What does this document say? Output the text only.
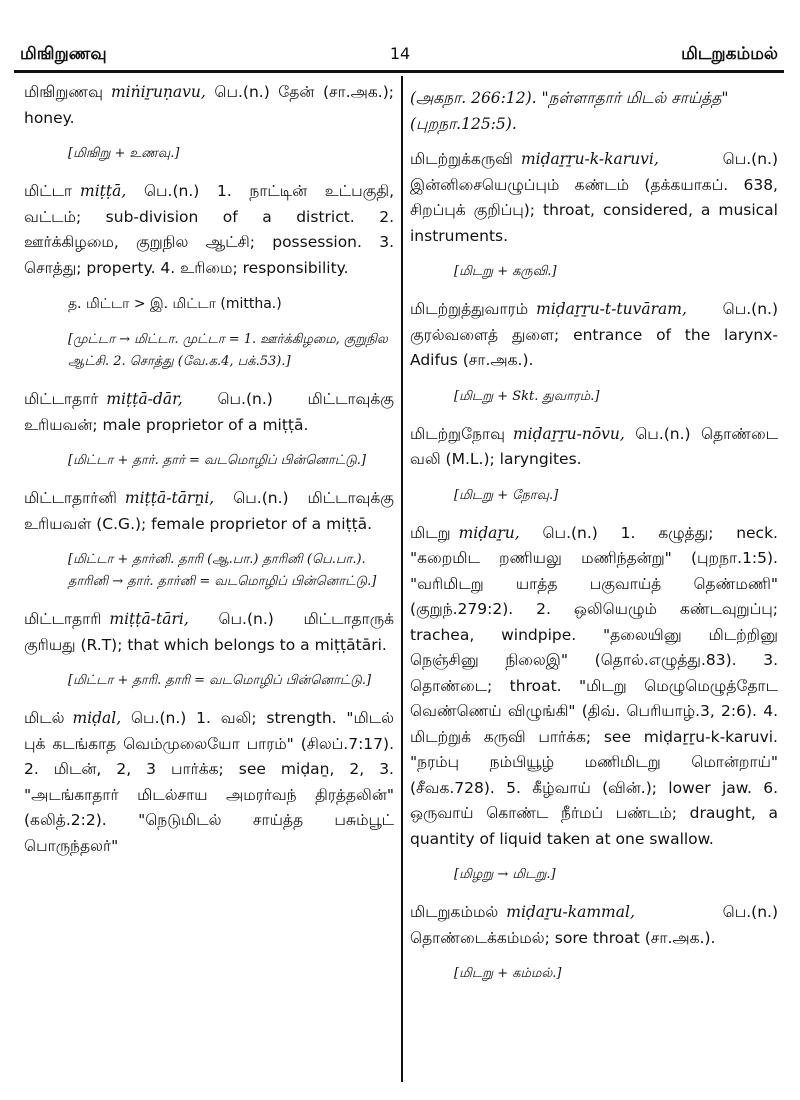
மிஙிறுணவு	14	மிடறுகம்மல்

மிஙிறுணவு miṅiṟuṇavu, பெ.(n.) தேன் (சா.அக.); honey.

[மிஙிறு + உணவு.]

மிட்டா miṭṭā, பெ.(n.) 1. நாட்டின் உட்பகுதி, வட்டம்; sub-division of a district. 2. ஊர்க்கிழமை, குறுநில ஆட்சி; possession. 3. சொத்து; property. 4. உரிமை; responsibility.

த. மிட்டா > இ. மிட்டா (mittha.)
[முட்டா → மிட்டா. முட்டா = 1. ஊர்க்கிழமை, குறுநில ஆட்சி. 2. சொத்து (வே.க.4, பக்.53).]

மிட்டாதார் miṭṭā-dār, பெ.(n.) மிட்டாவுக்கு உரியவன்; male proprietor of a miṭṭā.

[மிட்டா + தார். தார் = வடமொழிப் பின்னொட்டு.]

மிட்டாதார்னி miṭṭā-tārṉi, பெ.(n.) மிட்டாவுக்கு உரியவள் (C.G.); female proprietor of a miṭṭā.

[மிட்டா + தார்னி. தாரி (ஆ.பா.) தாரினி (பெ.பா.). தாரினி → தார். தார்னி = வடமொழிப் பின்னொட்டு.]

மிட்டாதாரி miṭṭā-tāri, பெ.(n.) மிட்டாதாருக் குரியது (R.T); that which belongs to a miṭṭātāri.

[மிட்டா + தாரி. தாரி = வடமொழிப் பின்னொட்டு.]

மிடல் miḍal, பெ.(n.) 1. வலி; strength. "மிடல் புக் கடங்காத வெம்முலையோ பாரம்" (சிலப்.7:17). 2. மிடன், 2, 3 பார்க்க; see miḍaṉ, 2, 3. "அடங்காதார் மிடல்சாய அமரர்வந் திரத்தலின்" (கலித்.2:2). "நெடுமிடல் சாய்த்த பசும்பூட் பொருந்தலர்"

(அகநா. 266:12). "நள்ளாதார் மிடல் சாய்த்த" (புறநா.125:5).

மிடற்றுக்கருவி miḍaṟṟu-k-karuvi,	பெ.(n.) இன்னிசையெழுப்பும் கண்டம் (தக்கயாகப். 638, சிறப்புக் குறிப்பு); throat, considered, a musical instruments.

[மிடறு + கருவி.]

மிடற்றுத்துவாரம் miḍaṟṟu-t-tuvāram, பெ.(n.) குரல்வளைத் துளை; entrance of the larynx-Adifus (சா.அக.).

[மிடறு + Skt. துவாரம்.]

மிடற்றுநோவு miḍaṟṟu-nōvu, பெ.(n.) தொண்டை வலி (M.L.); laryngites.

[மிடறு + நோவு.]

மிடறு miḍaṟu, பெ.(n.) 1. கழுத்து; neck. "கறைமிட றணியலு மணிந்தன்று" (புறநா.1:5). "வரிமிடறு யாத்த பகுவாய்த் தெண்மணி" (குறுந்.279:2). 2. ஒலியெழும் கண்டவுறுப்பு; trachea, windpipe. "தலையினு மிடற்றினு நெஞ்சினு நிலைஇ" (தொல்.எழுத்து.83). 3. தொண்டை; throat. "மிடறு மெழுமெழுத்தோட வெண்ணெய் விழுங்கி" (திவ். பெரியாழ்.3, 2:6). 4. மிடற்றுக் கருவி பார்க்க; see miḍaṟṟu-k-karuvi. "நரம்பு நம்பியூழ் மணிமிடறு மொன்றாய்" (சீவக.728). 5. கீழ்வாய் (வின்.); lower jaw. 6. ஒருவாய் கொண்ட நீர்மப் பண்டம்; draught, a quantity of liquid taken at one swallow.

[மிழறு → மிடறு.]

மிடறுகம்மல் miḍaṟu-kammal,	பெ.(n.) தொண்டைக்கம்மல்; sore throat (சா.அக.).

[மிடறு + கம்மல்.]
